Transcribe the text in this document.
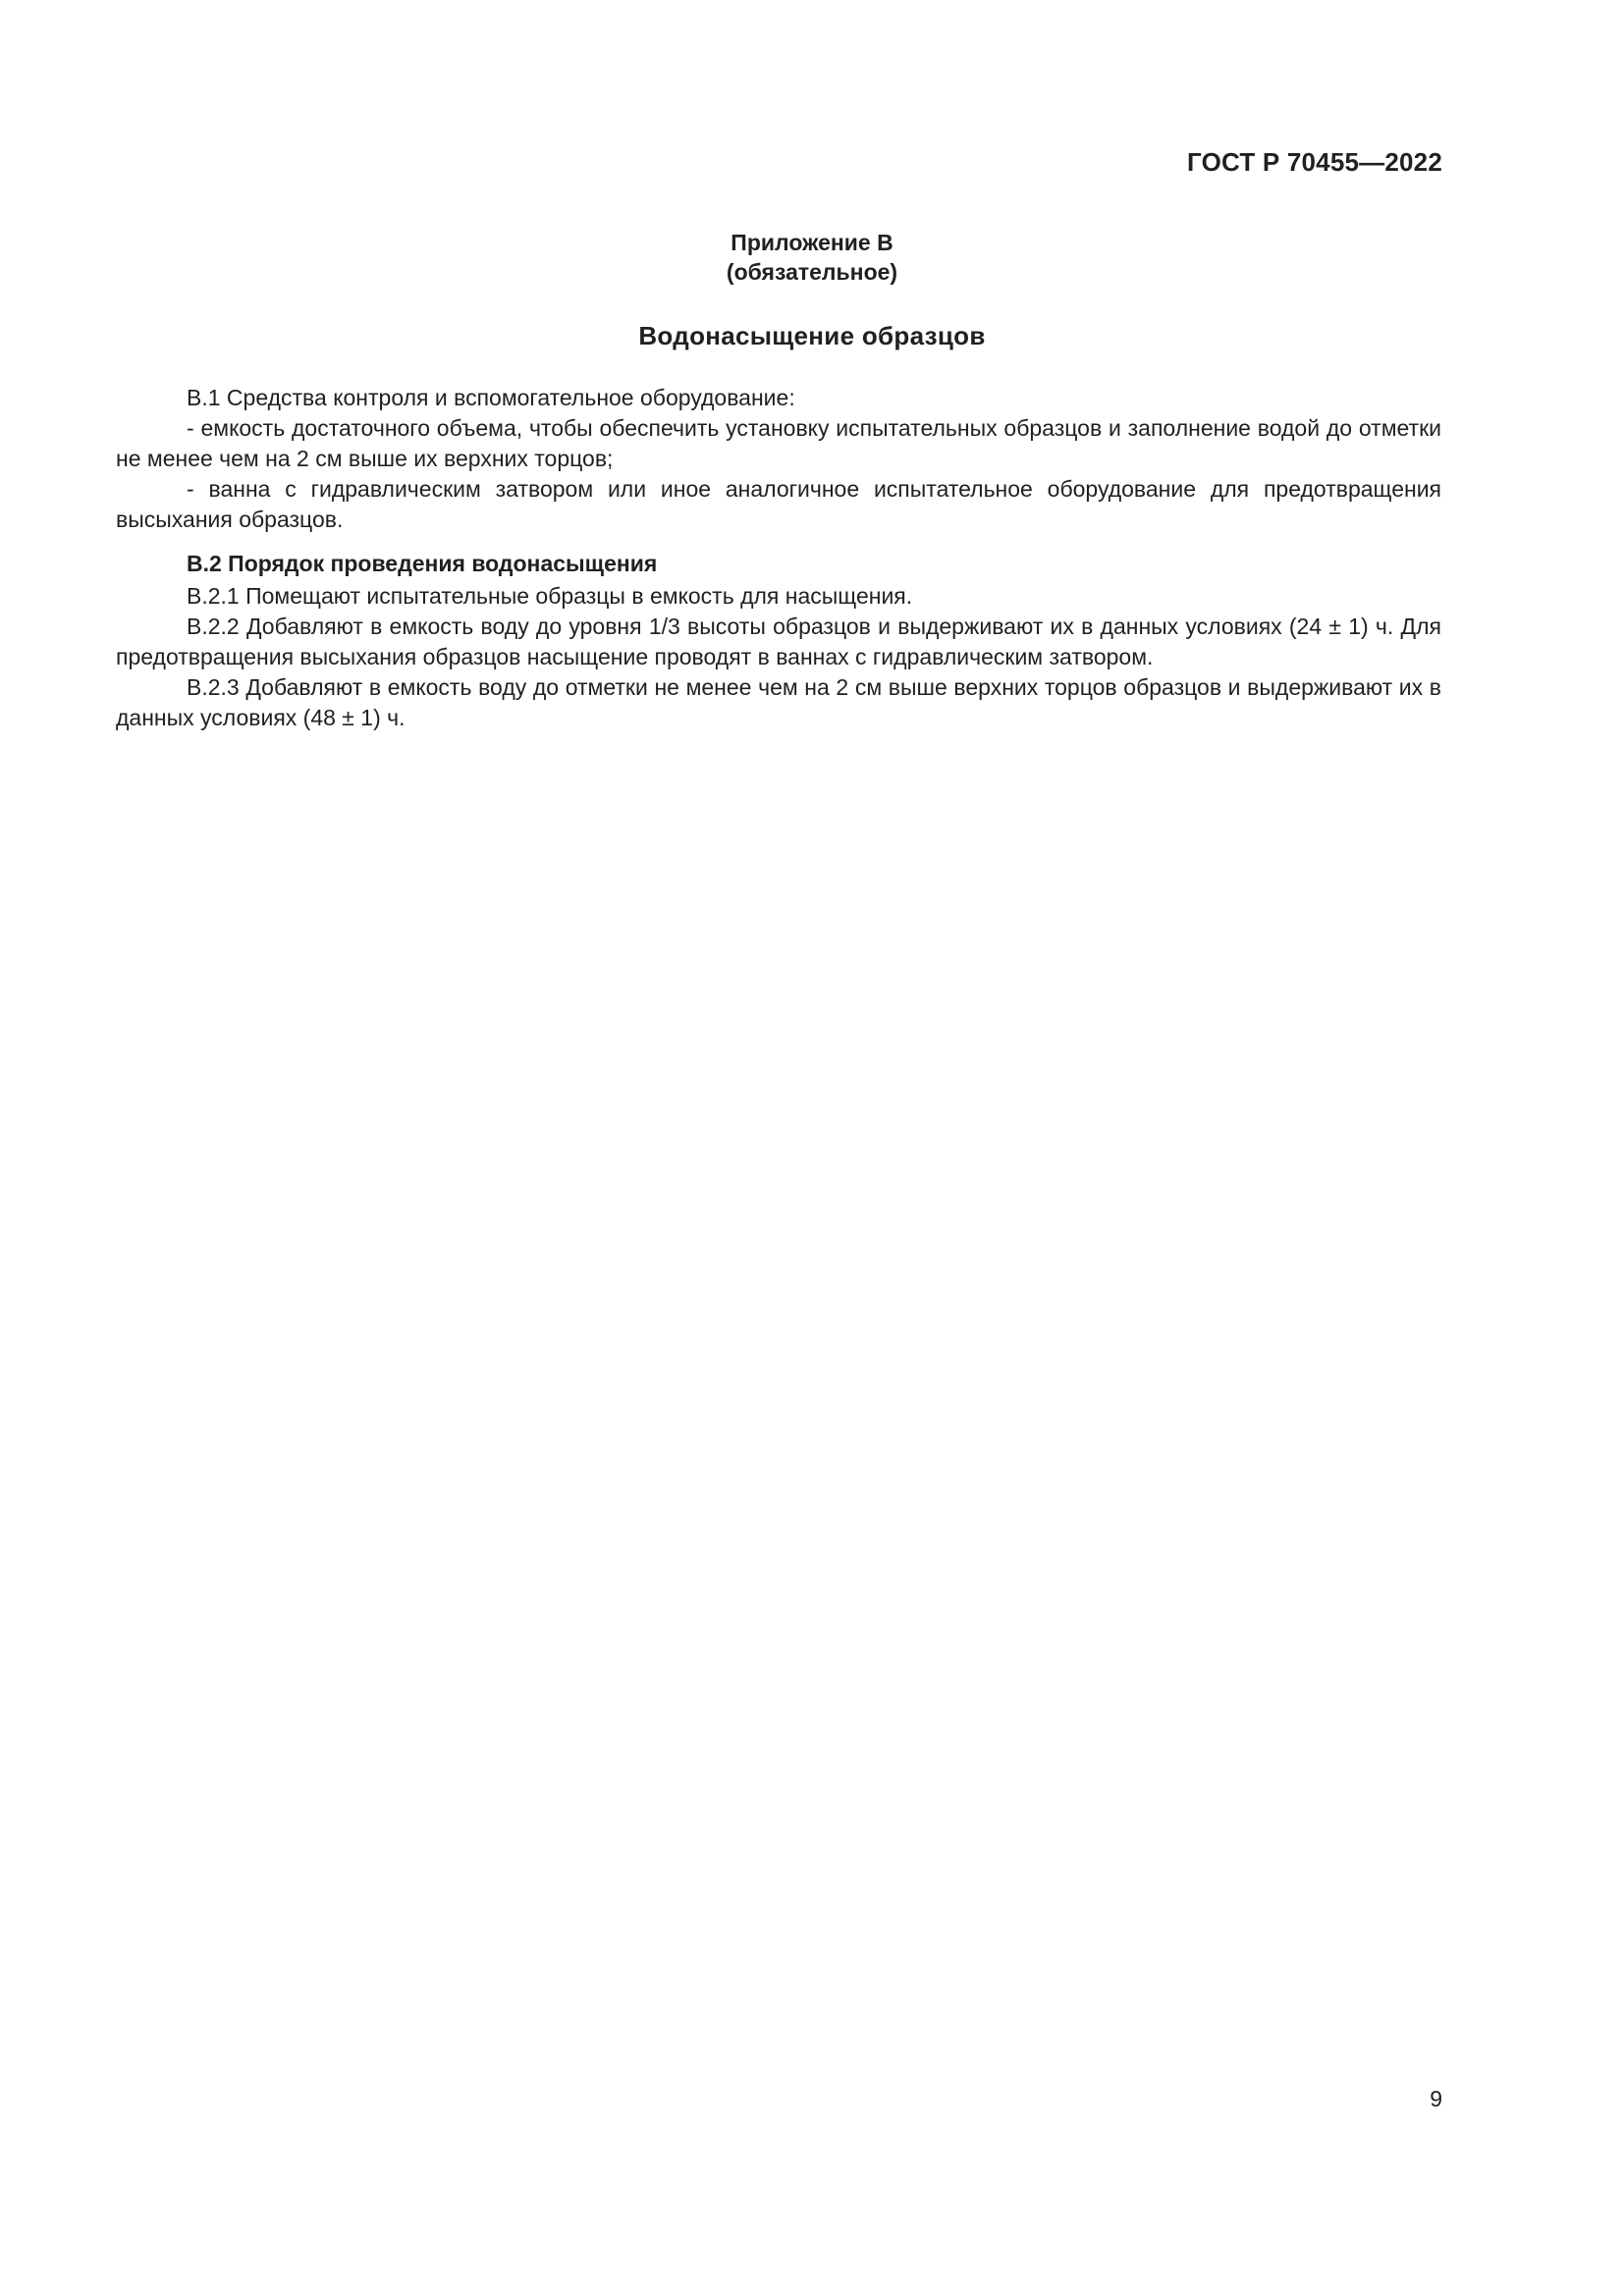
ГОСТ Р 70455—2022
Приложение В
(обязательное)
Водонасыщение образцов

В.1 Средства контроля и вспомогательное оборудование:

- емкость достаточного объема, чтобы обеспечить установку испытательных образцов и заполнение водой до отметки не менее чем на 2 см выше их верхних торцов;

- ванна с гидравлическим затвором или иное аналогичное испытательное оборудование для предотвращения высыхания образцов.

В.2 Порядок проведения водонасыщения

В.2.1 Помещают испытательные образцы в емкость для насыщения.

В.2.2 Добавляют в емкость воду до уровня 1/3 высоты образцов и выдерживают их в данных условиях (24 ± 1) ч. Для предотвращения высыхания образцов насыщение проводят в ваннах с гидравлическим затвором.

В.2.3 Добавляют в емкость воду до отметки не менее чем на 2 см выше верхних торцов образцов и выдерживают их в данных условиях (48 ± 1) ч.

9
